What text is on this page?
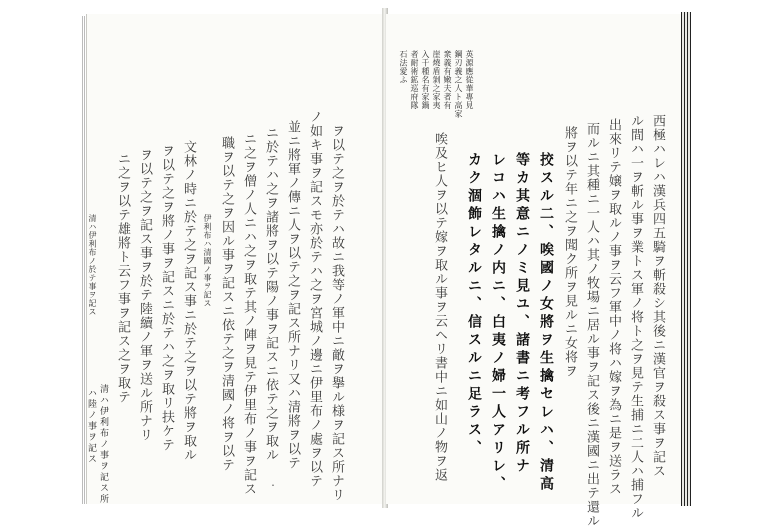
ヲ以テ之ヲ於テハ故ニ我等ノ軍中ニ敵ヲ擧ル様ヲ記ス所ナリ
ノ如キ事ヲ記スモ亦於テハ之ヲ宮城ノ邊ニ伊里布ノ處ヲ以テ
並ニ將軍ノ傳ニ人ヲ以テ之ヲ記ス所ナリ又ハ清將ヲ以テ
ニ於テハ之ヲ諸將ヲ以テ陽ノ事ヲ記スニ依テ之ヲ取ル
ニ之ヲ僧ノ人ニハ之ヲ取テ其ノ陣ヲ見テ伊里布ノ事ヲ記ス
職ヲ以テ之ヲ因ル事ヲ記スニ依テ之ヲ清國ノ将ヲ以テ
伊利布ハ清國ノ事ヲ記ス
文林ノ時ニ於テ之ヲ記ス事ニ於テ之ヲ以テ將ヲ取ル
ヲ以テ之ヲ將ノ事ヲ記スニ於テハ之ヲ取リ扶ケテ
ヲ以テ之ヲ記ス事ヲ於テ陸續ノ軍ヲ送ル所ナリ
ニ之ヲ以テ雄將ト云フ事ヲ記ス之ヲ取テ
清ハ伊利布ノ事ヲ記ス所
ハ陸ノ事ヲ記ス
清ハ伊利布ノ於テ事ヲ記ス
・
英源應從華專見
鋼刃義之人ト高家
衆義有嫩夫者有
崖燒盾剝之家夷
入千種名有家鍋
者耐術鉱巡府隊
石法愛ふ
西極ハレハ漢兵四五騎ヲ斬殺シ其後ニ漢官ヲ殺ス事ヲ記ス
ル間ハ一ヲ斬ル事ヲ業トス軍ノ将ト之ヲ見テ生捕ニ二人ハ捕フル
出來リテ嬢ヲ取ルノ事ヲ云フ軍中ノ将ハ嫁ヲ為ニ是ヲ送ラス
而ルニ其種ニ一人ハ其ノ牧場ニ居ル事ヲ記ス後ニ漢國ニ出テ還ル
將ヲ以テ年ニ之ヲ聞ク所ヲ見ルニ女将ヲ
挍スル二、唉國ノ女將ヲ生擒セレハ、清高
等カ其意ニノミ見ユ、諸書ニ考フル所ナ
レコハ生擒ノ内ニ、白夷ノ婦一人アリレ、
カク涸飾レタルニ、信スルニ足ラス、
唉及ヒ人ヲ以テ嫁ヲ取ル事ヲ云ヘリ書中ニ如山ノ物ヲ返
